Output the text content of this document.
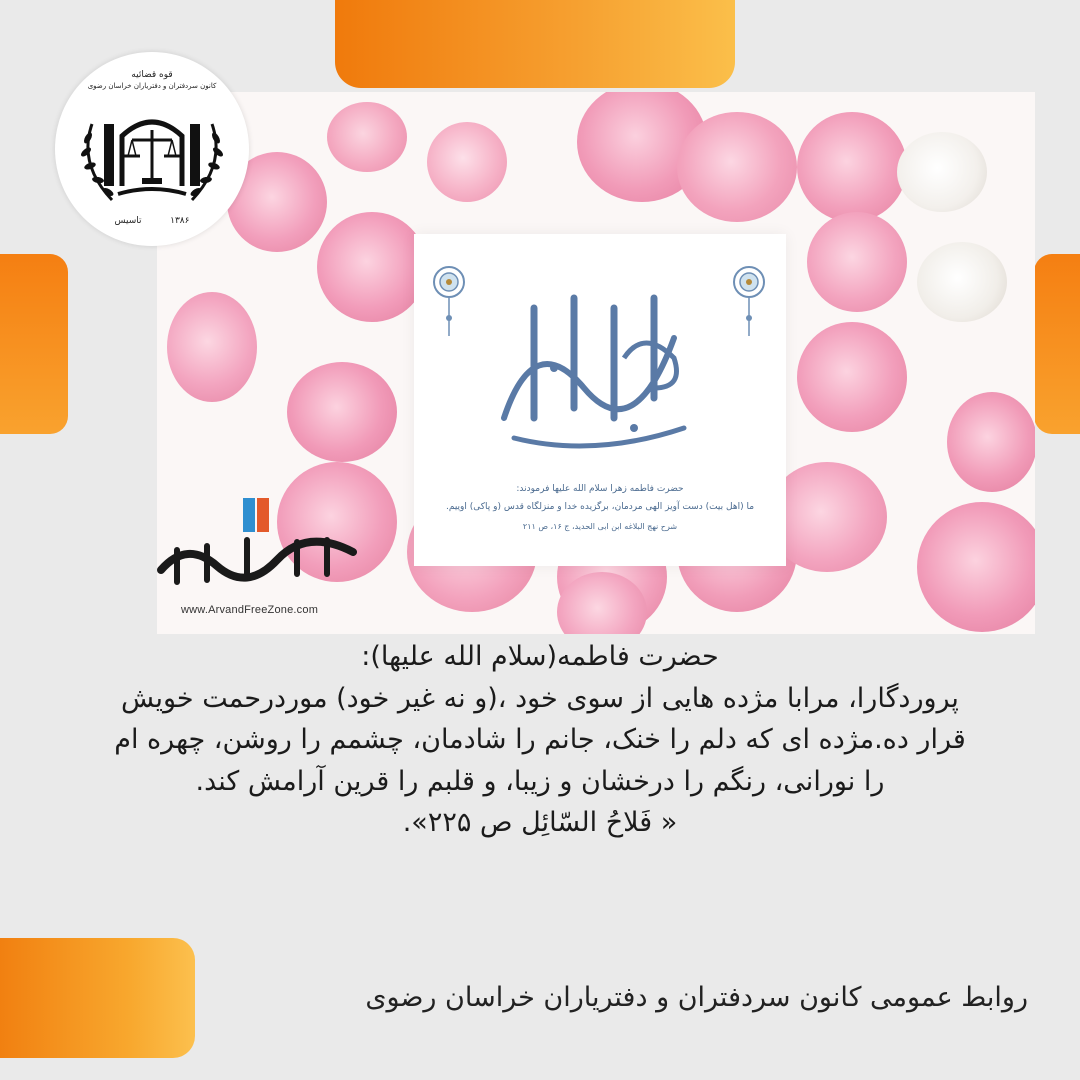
حضرت فاطمه زهرا سلام الله علیها فرمودند:
ما (اهل بیت) دست آویز الهی مردمان، برگزیده خدا و منزلگاه قدس (و پاکی) اوییم.
شرح نهج البلاغه ابن ابی الحدید، ج ۱۶، ص ۲۱۱
www.ArvandFreeZone.com
قوه قضائیه
کانون سردفتران و دفتریاران خراسان رضوی
۱۳۸۶          تاسیس
حضرت فاطمه(سلام الله علیها):
پروردگارا، مرابا مژده هایی از سوی خود ،(و نه غیر خود) موردرحمت خویش
قرار ده.مژده ای که دلم را خنک، جانم را شادمان، چشمم را روشن، چهره ام
را نورانی، رنگم را درخشان و زیبا، و قلبم را قرین آرامش کند.
« فَلاحُ السّائِل ص ۲۲۵».
روابط عمومی کانون سردفتران و دفتریاران خراسان رضوی
